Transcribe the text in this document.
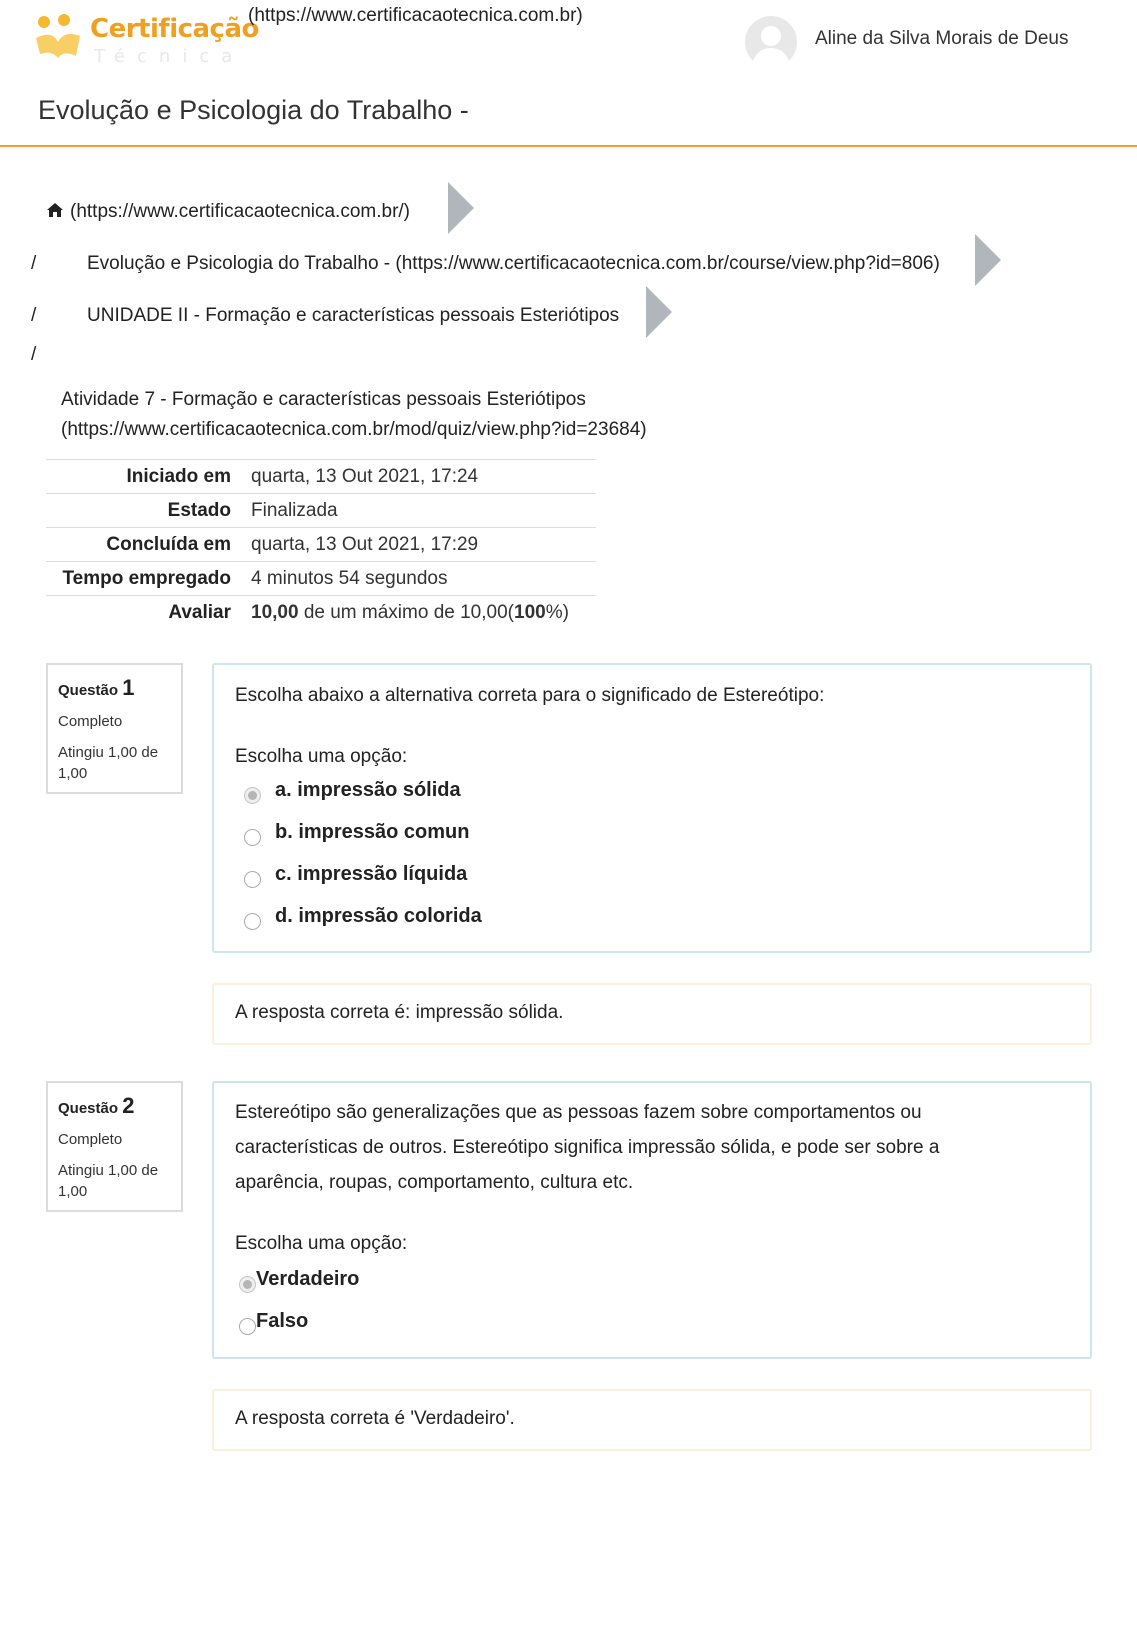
Certificação
Técnica
(https://www.certificacaotecnica.com.br)
Aline da Silva Morais de Deus
Evolução e Psicologia do Trabalho -
(https://www.certificacaotecnica.com.br/)
/	Evolução e Psicologia do Trabalho - (https://www.certificacaotecnica.com.br/course/view.php?id=806)
/	UNIDADE II - Formação e características pessoais Esteriótipos
/
Atividade 7 - Formação e características pessoais Esteriótipos
(https://www.certificacaotecnica.com.br/mod/quiz/view.php?id=23684)
Iniciado em	quarta, 13 Out 2021, 17:24
Estado	Finalizada
Concluída em	quarta, 13 Out 2021, 17:29
Tempo empregado	4 minutos 54 segundos
Avaliar	10,00 de um máximo de 10,00(100%)
Questão 1
Completo
Atingiu 1,00 de 1,00
Escolha abaixo a alternativa correta para o significado de Estereótipo:
Escolha uma opção:
a. impressão sólida
b. impressão comun
c. impressão líquida
d. impressão colorida
A resposta correta é: impressão sólida.
Questão 2
Completo
Atingiu 1,00 de 1,00
Estereótipo são generalizações que as pessoas fazem sobre comportamentos ou
características de outros. Estereótipo significa impressão sólida, e pode ser sobre a
aparência, roupas, comportamento, cultura etc.
Escolha uma opção:
Verdadeiro
Falso
A resposta correta é 'Verdadeiro'.
